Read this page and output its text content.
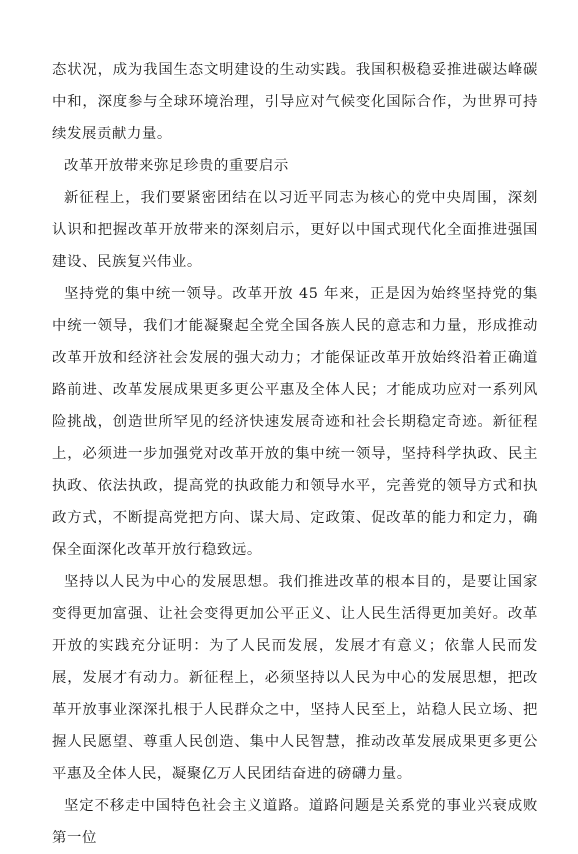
态状况，成为我国生态文明建设的生动实践。我国积极稳妥推进碳达峰碳中和，深度参与全球环境治理，引导应对气候变化国际合作，为世界可持续发展贡献力量。

改革开放带来弥足珍贵的重要启示

新征程上，我们要紧密团结在以习近平同志为核心的党中央周围，深刻认识和把握改革开放带来的深刻启示，更好以中国式现代化全面推进强国建设、民族复兴伟业。

坚持党的集中统一领导。改革开放 45 年来，正是因为始终坚持党的集中统一领导，我们才能凝聚起全党全国各族人民的意志和力量，形成推动改革开放和经济社会发展的强大动力；才能保证改革开放始终沿着正确道路前进、改革发展成果更多更公平惠及全体人民；才能成功应对一系列风险挑战，创造世所罕见的经济快速发展奇迹和社会长期稳定奇迹。新征程上，必须进一步加强党对改革开放的集中统一领导，坚持科学执政、民主执政、依法执政，提高党的执政能力和领导水平，完善党的领导方式和执政方式，不断提高党把方向、谋大局、定政策、促改革的能力和定力，确保全面深化改革开放行稳致远。

坚持以人民为中心的发展思想。我们推进改革的根本目的，是要让国家变得更加富强、让社会变得更加公平正义、让人民生活得更加美好。改革开放的实践充分证明：为了人民而发展，发展才有意义；依靠人民而发展，发展才有动力。新征程上，必须坚持以人民为中心的发展思想，把改革开放事业深深扎根于人民群众之中，坚持人民至上，站稳人民立场、把握人民愿望、尊重人民创造、集中人民智慧，推动改革发展成果更多更公平惠及全体人民，凝聚亿万人民团结奋进的磅礴力量。

坚定不移走中国特色社会主义道路。道路问题是关系党的事业兴衰成败第一位
